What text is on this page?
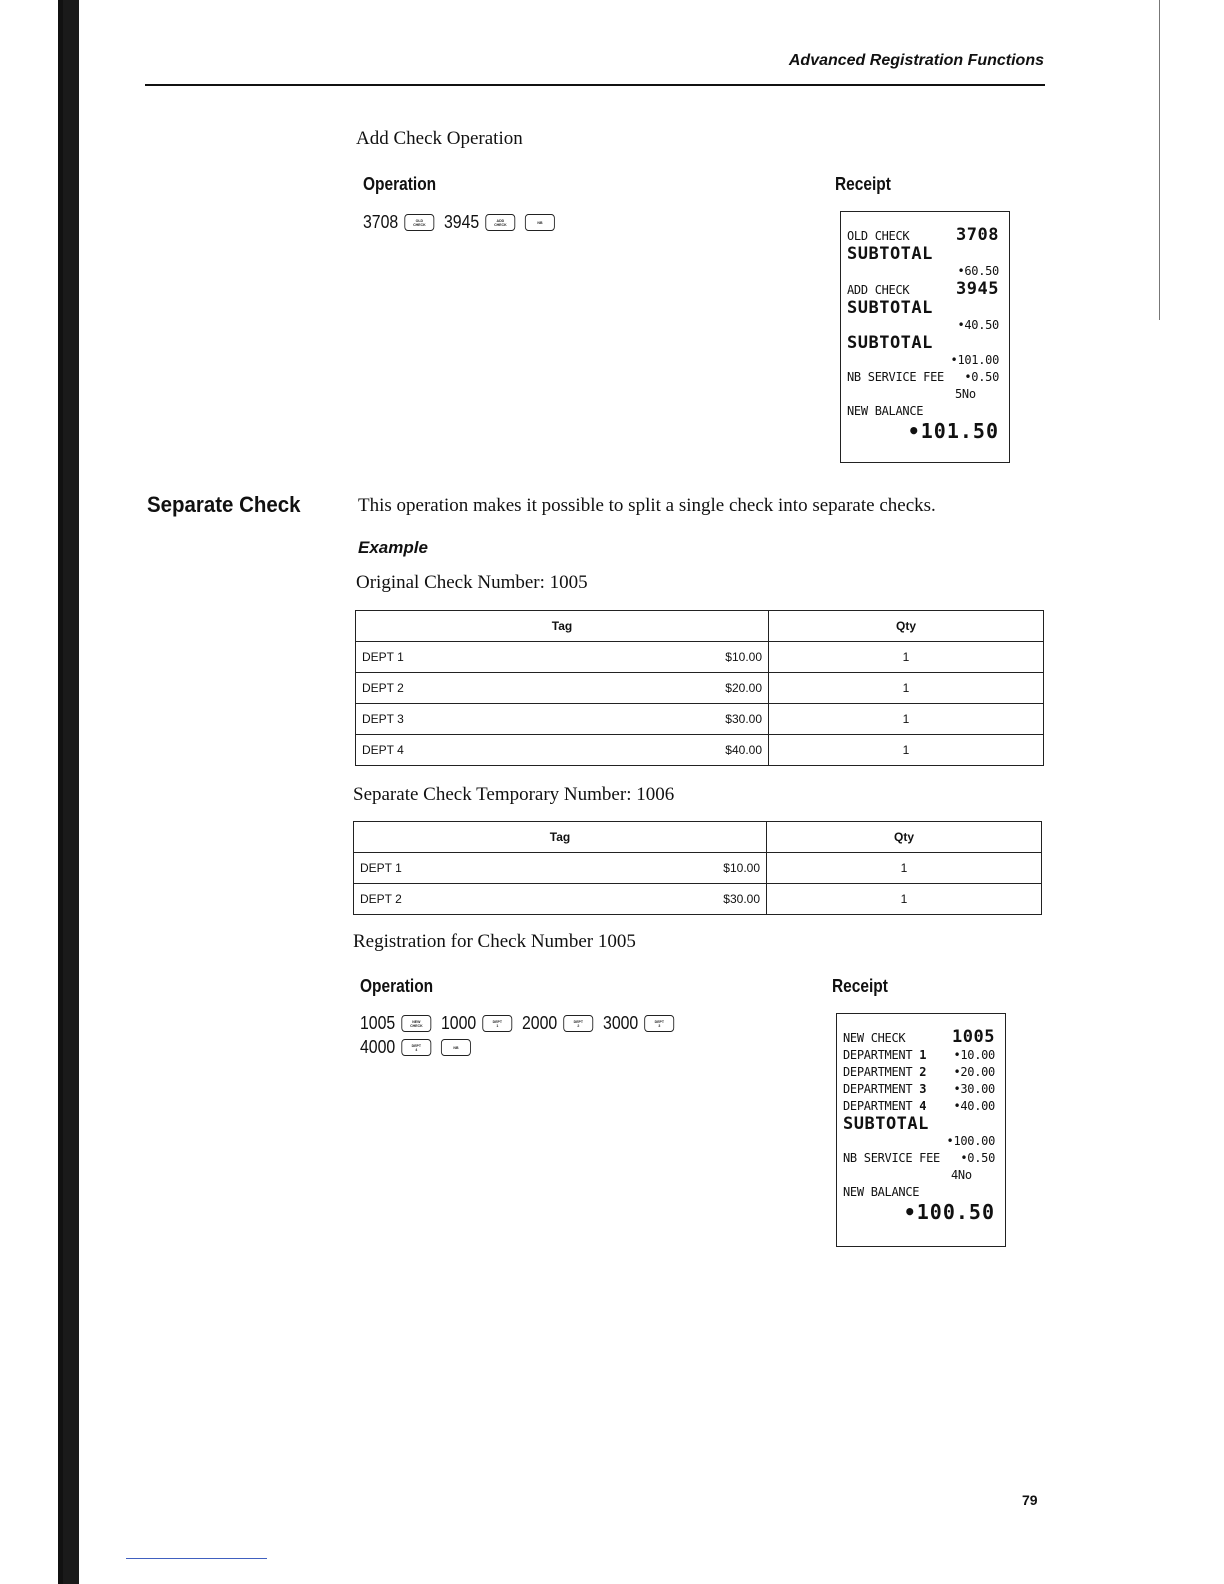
Advanced Registration Functions
Add Check Operation
Operation	Receipt
3708	OLD
CHECK 3945	ADD
CHECK	NB
OLD CHECK	3708
SUBTOTAL
•60.50
ADD CHECK	3945
SUBTOTAL
•40.50
SUBTOTAL
•101.00
NB SERVICE FEE •0.50
5No
NEW BALANCE
•101.50
Separate Check	This operation makes it possible to split a single check into separate checks.
Example
Original Check Number: 1005
Tag	Qty

DEPT 1 $10.00	1

DEPT 2 $20.00	1

DEPT 3 $30.00	1

DEPT 4 $40.00	1
Separate Check Temporary Number: 1006
Tag	Qty

DEPT 1 $10.00	1

DEPT 2 $30.00	1
Registration for Check Number 1005
Operation	Receipt
1005	NEW
CHECK 1000	DEPT
1 2000	DEPT
2 3000	DEPT
3
4000	DEPT
4	NB
NEW CHECK	1005
DEPARTMENT 1 •10.00
DEPARTMENT 2 •20.00
DEPARTMENT 3 •30.00
DEPARTMENT 4 •40.00
SUBTOTAL
•100.00
NB SERVICE FEE •0.50
4No
NEW BALANCE
•100.50
79
